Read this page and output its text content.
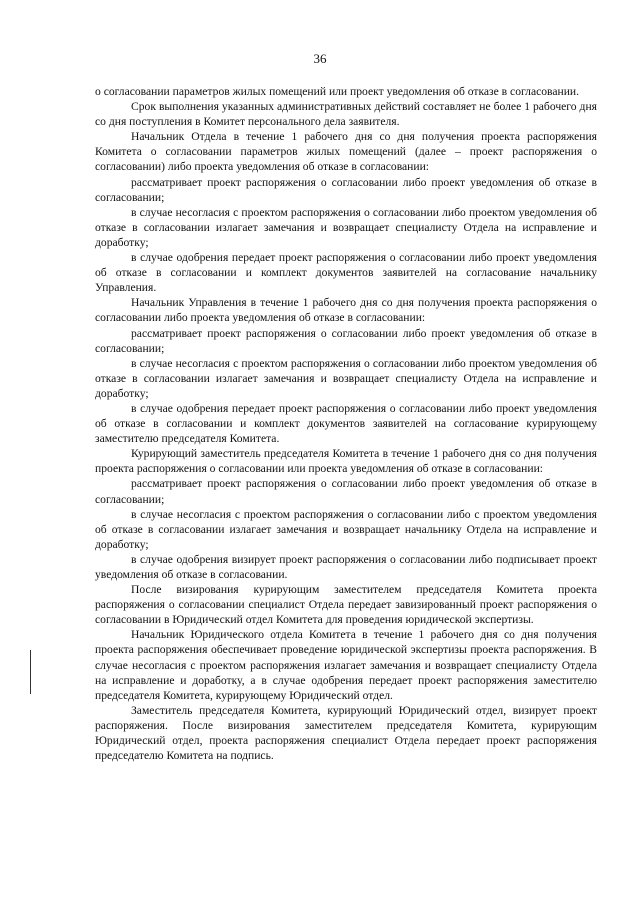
36

о согласовании параметров жилых помещений или проект уведомления об отказе в согласовании.

Срок выполнения указанных административных действий составляет не более 1 рабочего дня со дня поступления в Комитет персонального дела заявителя.

Начальник Отдела в течение 1 рабочего дня со дня получения проекта распоряжения Комитета о согласовании параметров жилых помещений (далее – проект распоряжения о согласовании) либо проекта уведомления об отказе в согласовании:

рассматривает проект распоряжения о согласовании либо проект уведомления об отказе в согласовании;

в случае несогласия с проектом распоряжения о согласовании либо проектом уведомления об отказе в согласовании излагает замечания и возвращает специалисту Отдела на исправление и доработку;

в случае одобрения передает проект распоряжения о согласовании либо проект уведомления об отказе в согласовании и комплект документов заявителей на согласование начальнику Управления.

Начальник Управления в течение 1 рабочего дня со дня получения проекта распоряжения о согласовании либо проекта уведомления об отказе в согласовании:

рассматривает проект распоряжения о согласовании либо проект уведомления об отказе в согласовании;

в случае несогласия с проектом распоряжения о согласовании либо проектом уведомления об отказе в согласовании излагает замечания и возвращает специалисту Отдела на исправление и доработку;

в случае одобрения передает проект распоряжения о согласовании либо проект уведомления об отказе в согласовании и комплект документов заявителей на согласование курирующему заместителю председателя Комитета.

Курирующий заместитель председателя Комитета в течение 1 рабочего дня со дня получения проекта распоряжения о согласовании или проекта уведомления об отказе в согласовании:

рассматривает проект распоряжения о согласовании либо проект уведомления об отказе в согласовании;

в случае несогласия с проектом распоряжения о согласовании либо с проектом уведомления об отказе в согласовании излагает замечания и возвращает начальнику Отдела на исправление и доработку;

в случае одобрения визирует проект распоряжения о согласовании либо подписывает проект уведомления об отказе в согласовании.

После визирования курирующим заместителем председателя Комитета проекта распоряжения о согласовании специалист Отдела передает завизированный проект распоряжения о согласовании в Юридический отдел Комитета для проведения юридической экспертизы.

Начальник Юридического отдела Комитета в течение 1 рабочего дня со дня получения проекта распоряжения обеспечивает проведение юридической экспертизы проекта распоряжения. В случае несогласия с проектом распоряжения излагает замечания и возвращает специалисту Отдела на исправление и доработку, а в случае одобрения передает проект распоряжения заместителю председателя Комитета, курирующему Юридический отдел.

Заместитель председателя Комитета, курирующий Юридический отдел, визирует проект распоряжения. После визирования заместителем председателя Комитета, курирующим Юридический отдел, проекта распоряжения специалист Отдела передает проект распоряжения председателю Комитета на подпись.
